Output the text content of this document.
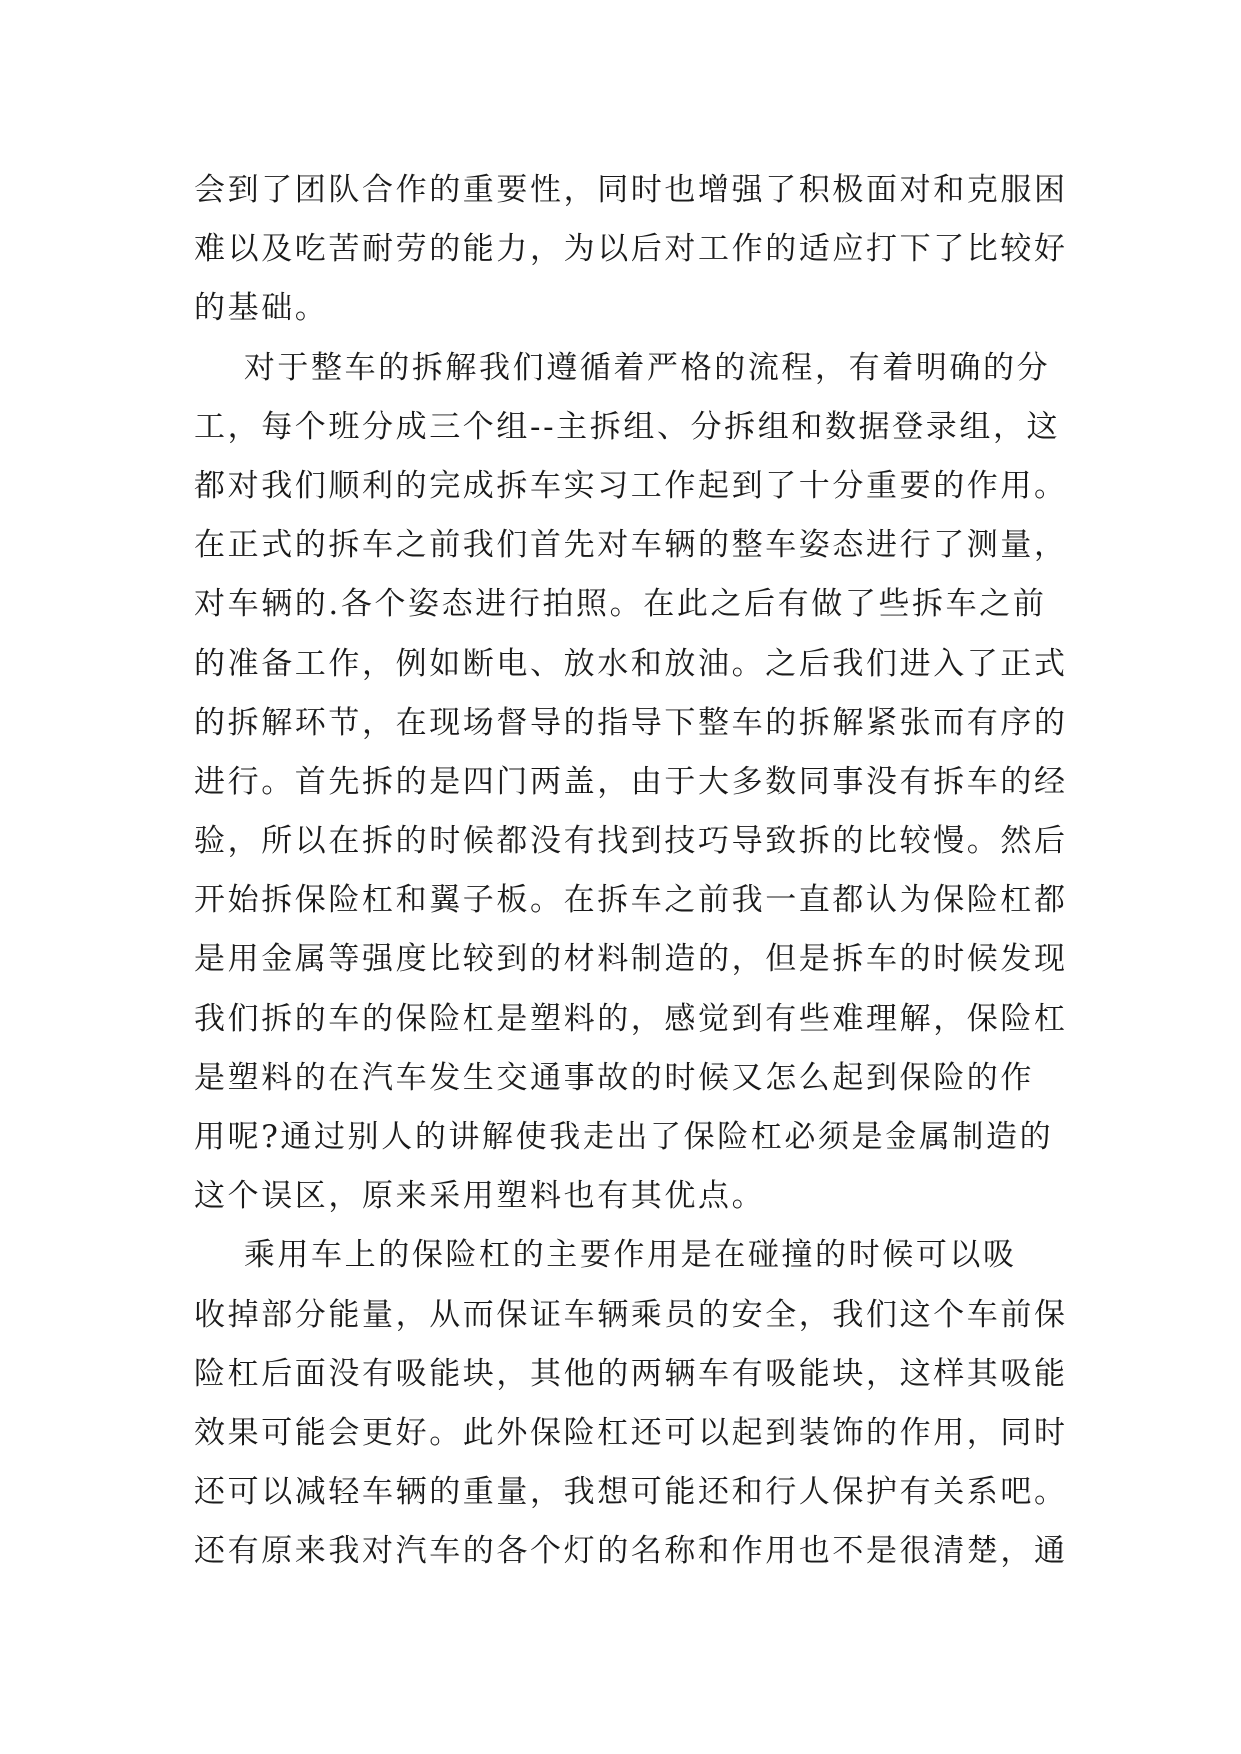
会到了团队合作的重要性，同时也增强了积极面对和克服困
难以及吃苦耐劳的能力，为以后对工作的适应打下了比较好
的基础。
对于整车的拆解我们遵循着严格的流程，有着明确的分
工，每个班分成三个组--主拆组、分拆组和数据登录组，这
都对我们顺利的完成拆车实习工作起到了十分重要的作用。
在正式的拆车之前我们首先对车辆的整车姿态进行了测量，
对车辆的.各个姿态进行拍照。在此之后有做了些拆车之前
的准备工作，例如断电、放水和放油。之后我们进入了正式
的拆解环节，在现场督导的指导下整车的拆解紧张而有序的
进行。首先拆的是四门两盖，由于大多数同事没有拆车的经
验，所以在拆的时候都没有找到技巧导致拆的比较慢。然后
开始拆保险杠和翼子板。在拆车之前我一直都认为保险杠都
是用金属等强度比较到的材料制造的，但是拆车的时候发现
我们拆的车的保险杠是塑料的，感觉到有些难理解，保险杠
是塑料的在汽车发生交通事故的时候又怎么起到保险的作
用呢?通过别人的讲解使我走出了保险杠必须是金属制造的
这个误区，原来采用塑料也有其优点。
乘用车上的保险杠的主要作用是在碰撞的时候可以吸
收掉部分能量，从而保证车辆乘员的安全，我们这个车前保
险杠后面没有吸能块，其他的两辆车有吸能块，这样其吸能
效果可能会更好。此外保险杠还可以起到装饰的作用，同时
还可以减轻车辆的重量，我想可能还和行人保护有关系吧。
还有原来我对汽车的各个灯的名称和作用也不是很清楚，通
